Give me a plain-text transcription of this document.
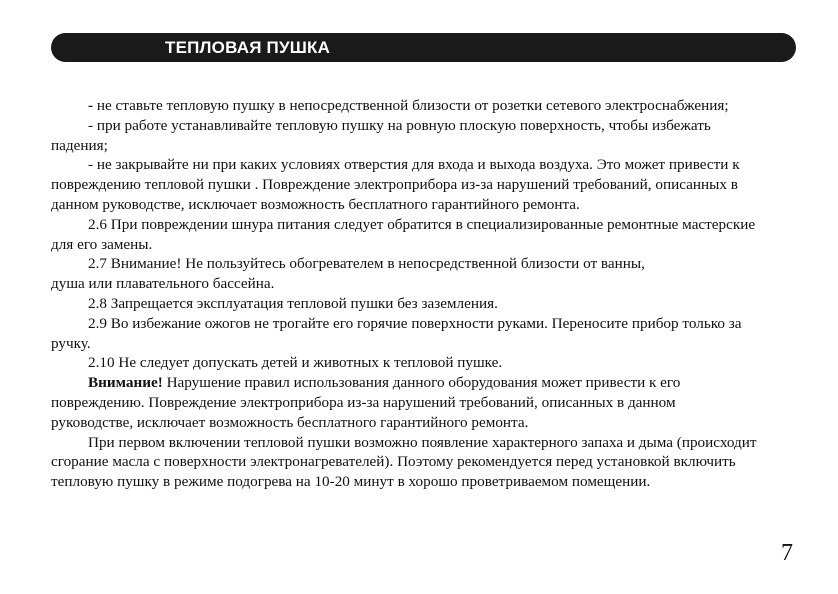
ТЕПЛОВАЯ ПУШКА

- не ставьте тепловую пушку в непосредственной близости от розетки сетевого электроснабжения;

- при работе устанавливайте тепловую пушку на ровную плоскую поверхность, чтобы избежать падения;

- не закрывайте ни при каких условиях отверстия для входа и выхода воздуха. Это может привести к повреждению тепловой пушки . Повреждение электроприбора из-за нарушений требований, описанных в данном руководстве, исключает возможность бесплатного гарантийного ремонта.

2.6 При повреждении шнура питания следует обратится в специализированные ремонтные мастерские для его замены.

2.7 Внимание! Не пользуйтесь обогревателем в непосредственной близости от ванны,
душа или плавательного бассейна.

2.8 Запрещается эксплуатация тепловой пушки без заземления.

2.9 Во избежание ожогов не трогайте его горячие поверхности руками. Переносите прибор только за ручку.

2.10 Не следует допускать детей и животных к тепловой пушке.

Внимание! Нарушение правил использования данного оборудования может привести к его повреждению. Повреждение электроприбора из-за нарушений требований, описанных в данном руководстве, исключает возможность бесплатного гарантийного ремонта.

При первом включении тепловой пушки возможно появление характерного запаха и дыма (происходит сгорание масла с поверхности электронагревателей). Поэтому рекомендуется перед установкой включить тепловую пушку в режиме подогрева на 10-20 минут в хорошо проветриваемом помещении.

7
